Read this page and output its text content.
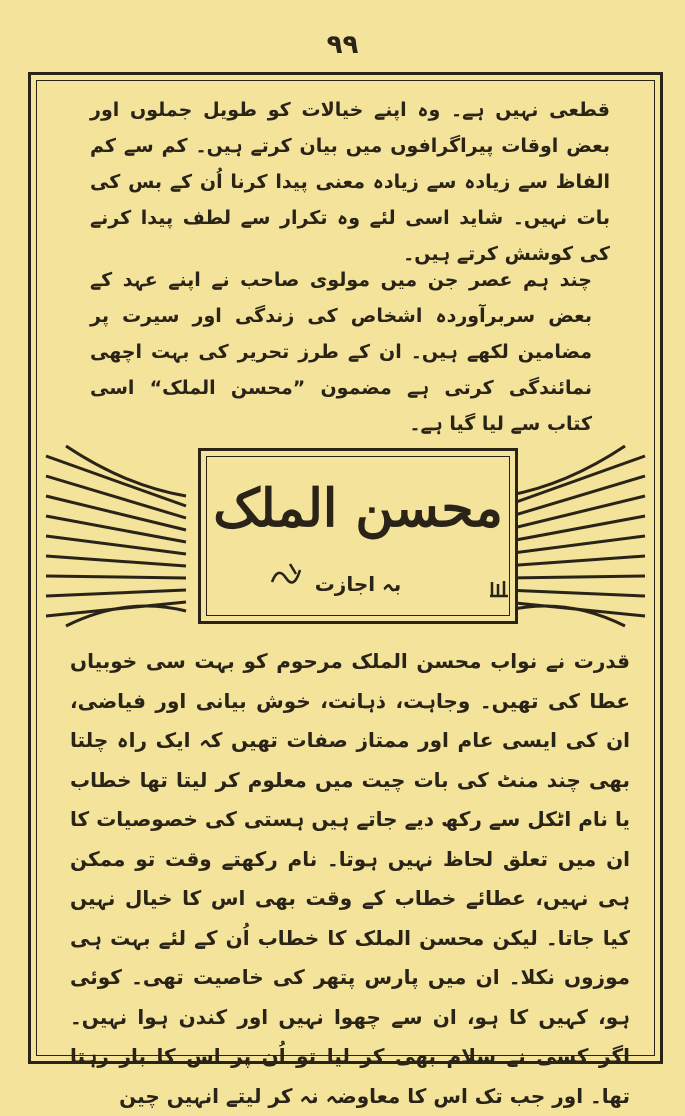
۹۹

قطعی نہیں ہے۔ وہ اپنے خیالات کو طویل جملوں اور بعض اوقات پیراگرافوں میں بیان کرتے ہیں۔ کم سے کم الفاظ سے زیادہ سے زیادہ معنی پیدا کرنا اُن کے بس کی بات نہیں۔ شاید اسی لئے وہ تکرار سے لطف پیدا کرنے کی کوشش کرتے ہیں۔

چند ہم عصر جن میں مولوی صاحب نے اپنے عہد کے بعض سربرآوردہ اشخاص کی زندگی اور سیرت پر مضامین لکھے ہیں۔ ان کے طرز تحریر کی بہت اچھی نمائندگی کرتی ہے مضمون ”محسن الملک“ اسی کتاب سے لیا گیا ہے۔

محسن الملک
بہ اجازت

قدرت نے نواب محسن الملک مرحوم کو بہت سی خوبیاں عطا کی تھیں۔ وجاہت، ذہانت، خوش بیانی اور فیاضی، ان کی ایسی عام اور ممتاز صفات تھیں کہ ایک راہ چلتا بھی چند منٹ کی بات چیت میں معلوم کر لیتا تھا خطاب یا نام اٹکل سے رکھ دیے جاتے ہیں ہستی کی خصوصیات کا ان میں تعلق لحاظ نہیں ہوتا۔ نام رکھتے وقت تو ممکن ہی نہیں، عطائے خطاب کے وقت بھی اس کا خیال نہیں کیا جاتا۔ لیکن محسن الملک کا خطاب اُن کے لئے بہت ہی موزوں نکلا۔ ان میں پارس پتھر کی خاصیت تھی۔ کوئی ہو، کہیں کا ہو، ان سے چھوا نہیں اور کندن ہوا نہیں۔ اگر کسی نے سلام بھی کر لیا تو اُن پر اس کا بار رہتا تھا۔ اور جب تک اس کا معاوضہ نہ کر لیتے انہیں چین
